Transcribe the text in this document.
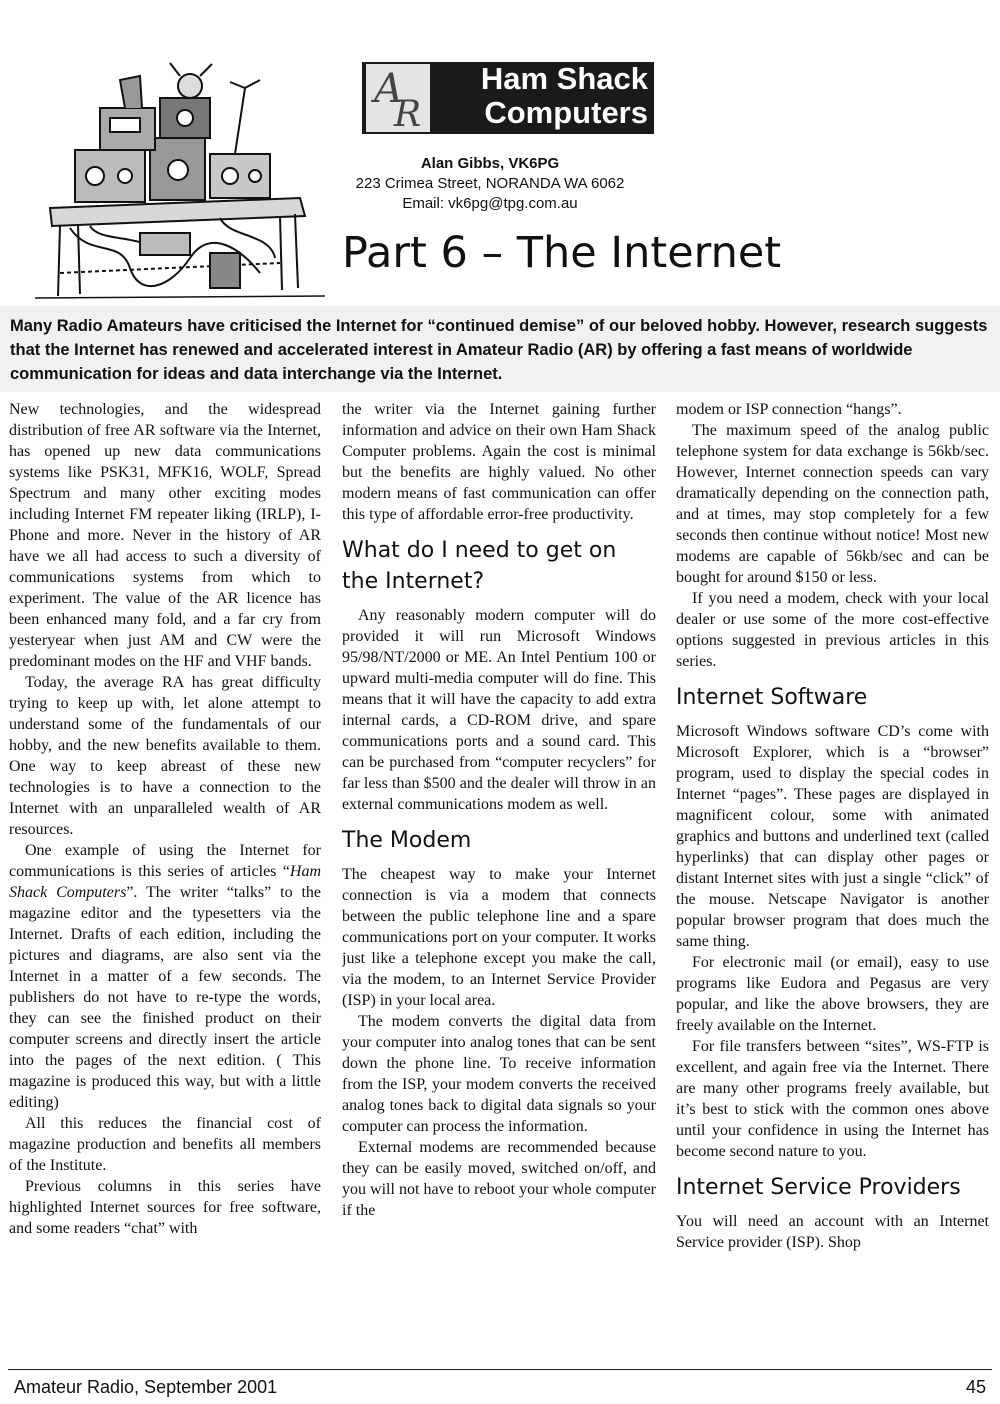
A
R
Ham Shack
Computers
Alan Gibbs, VK6PG
223 Crimea Street, NORANDA WA 6062
Email: vk6pg@tpg.com.au
Part 6 – The Internet

Many Radio Amateurs have criticised the Internet for “continued demise” of our beloved hobby. However, research suggests that the Internet has renewed and accelerated interest in Amateur Radio (AR) by offering a fast means of worldwide communication for ideas and data interchange via the Internet.

New technologies, and the widespread distribution of free AR software via the Internet, has opened up new data communications systems like PSK31, MFK16, WOLF, Spread Spectrum and many other exciting modes including Internet FM repeater liking (IRLP), I-Phone and more. Never in the history of AR have we all had access to such a diversity of communications systems from which to experiment. The value of the AR licence has been enhanced many fold, and a far cry from yesteryear when just AM and CW were the predominant modes on the HF and VHF bands.

Today, the average RA has great difficulty trying to keep up with, let alone attempt to understand some of the fundamentals of our hobby, and the new benefits available to them. One way to keep abreast of these new technologies is to have a connection to the Internet with an unparalleled wealth of AR resources.

One example of using the Internet for communications is this series of articles “Ham Shack Computers”. The writer “talks” to the magazine editor and the typesetters via the Internet. Drafts of each edition, including the pictures and diagrams, are also sent via the Internet in a matter of a few seconds. The publishers do not have to re-type the words, they can see the finished product on their computer screens and directly insert the article into the pages of the next edition. ( This magazine is produced this way, but with a little editing)

All this reduces the financial cost of magazine production and benefits all members of the Institute.

Previous columns in this series have highlighted Internet sources for free software, and some readers “chat” with

the writer via the Internet gaining further information and advice on their own Ham Shack Computer problems. Again the cost is minimal but the benefits are highly valued. No other modern means of fast communication can offer this type of affordable error-free productivity.

What do I need to get on the Internet?

Any reasonably modern computer will do provided it will run Microsoft Windows 95/98/NT/2000 or ME. An Intel Pentium 100 or upward multi-media computer will do fine. This means that it will have the capacity to add extra internal cards, a CD-ROM drive, and spare communications ports and a sound card. This can be purchased from “computer recyclers” for far less than $500 and the dealer will throw in an external communications modem as well.

The Modem

The cheapest way to make your Internet connection is via a modem that connects between the public telephone line and a spare communications port on your computer. It works just like a telephone except you make the call, via the modem, to an Internet Service Provider (ISP) in your local area.

The modem converts the digital data from your computer into analog tones that can be sent down the phone line. To receive information from the ISP, your modem converts the received analog tones back to digital data signals so your computer can process the information.

External modems are recommended because they can be easily moved, switched on/off, and you will not have to reboot your whole computer if the

modem or ISP connection “hangs”.

The maximum speed of the analog public telephone system for data exchange is 56kb/sec. However, Internet connection speeds can vary dramatically depending on the connection path, and at times, may stop completely for a few seconds then continue without notice! Most new modems are capable of 56kb/sec and can be bought for around $150 or less.

If you need a modem, check with your local dealer or use some of the more cost-effective options suggested in previous articles in this series.

Internet Software

Microsoft Windows software CD’s come with Microsoft Explorer, which is a “browser” program, used to display the special codes in Internet “pages”. These pages are displayed in magnificent colour, some with animated graphics and buttons and underlined text (called hyperlinks) that can display other pages or distant Internet sites with just a single “click” of the mouse. Netscape Navigator is another popular browser program that does much the same thing.

For electronic mail (or email), easy to use programs like Eudora and Pegasus are very popular, and like the above browsers, they are freely available on the Internet.

For file transfers between “sites”, WS-FTP is excellent, and again free via the Internet. There are many other programs freely available, but it’s best to stick with the common ones above until your confidence in using the Internet has become second nature to you.

Internet Service Providers

You will need an account with an Internet Service provider (ISP). Shop

Amateur Radio, September 2001	45
